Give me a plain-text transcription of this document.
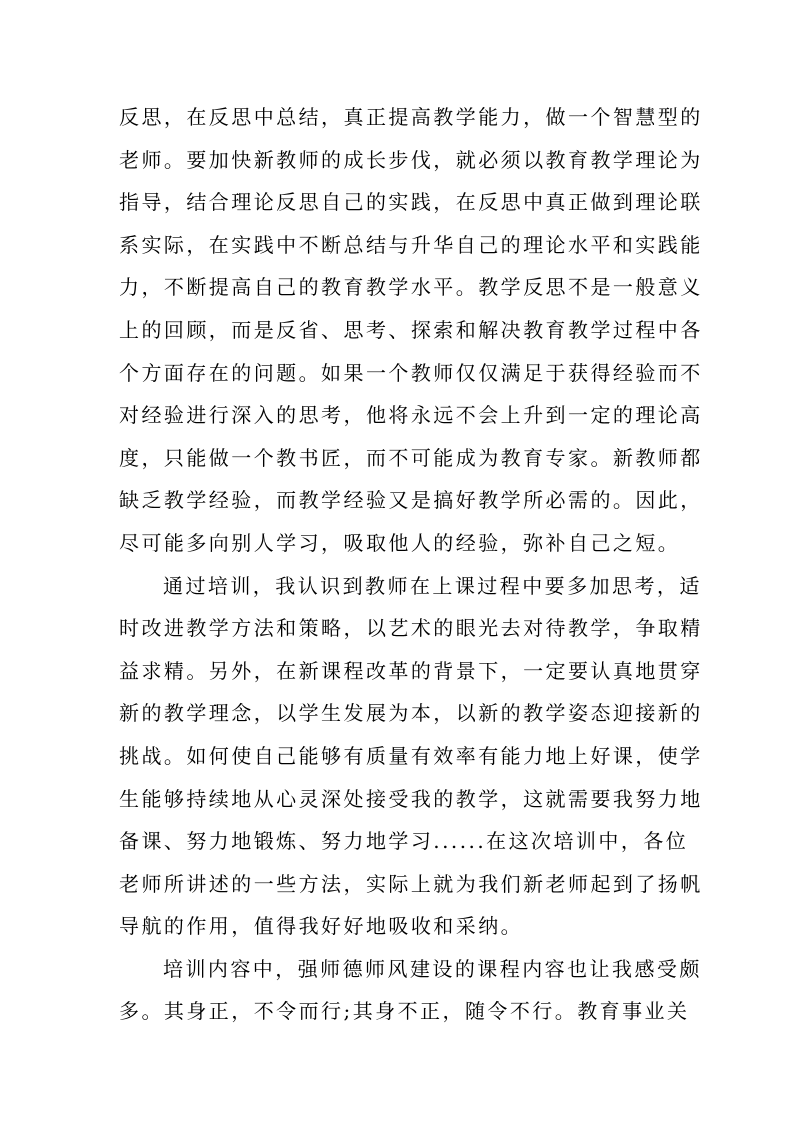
反思，在反思中总结，真正提高教学能力，做一个智慧型的
老师。要加快新教师的成长步伐，就必须以教育教学理论为
指导，结合理论反思自己的实践，在反思中真正做到理论联
系实际，在实践中不断总结与升华自己的理论水平和实践能
力，不断提高自己的教育教学水平。教学反思不是一般意义
上的回顾，而是反省、思考、探索和解决教育教学过程中各
个方面存在的问题。如果一个教师仅仅满足于获得经验而不
对经验进行深入的思考，他将永远不会上升到一定的理论高
度，只能做一个教书匠，而不可能成为教育专家。新教师都
缺乏教学经验，而教学经验又是搞好教学所必需的。因此，
尽可能多向别人学习，吸取他人的经验，弥补自己之短。
通过培训，我认识到教师在上课过程中要多加思考，适
时改进教学方法和策略，以艺术的眼光去对待教学，争取精
益求精。另外，在新课程改革的背景下，一定要认真地贯穿
新的教学理念，以学生发展为本，以新的教学姿态迎接新的
挑战。如何使自己能够有质量有效率有能力地上好课，使学
生能够持续地从心灵深处接受我的教学，这就需要我努力地
备课、努力地锻炼、努力地学习......在这次培训中，各位
老师所讲述的一些方法，实际上就为我们新老师起到了扬帆
导航的作用，值得我好好地吸收和采纳。
培训内容中，强师德师风建设的课程内容也让我感受颇
多。其身正，不令而行;其身不正，随令不行。教育事业关
